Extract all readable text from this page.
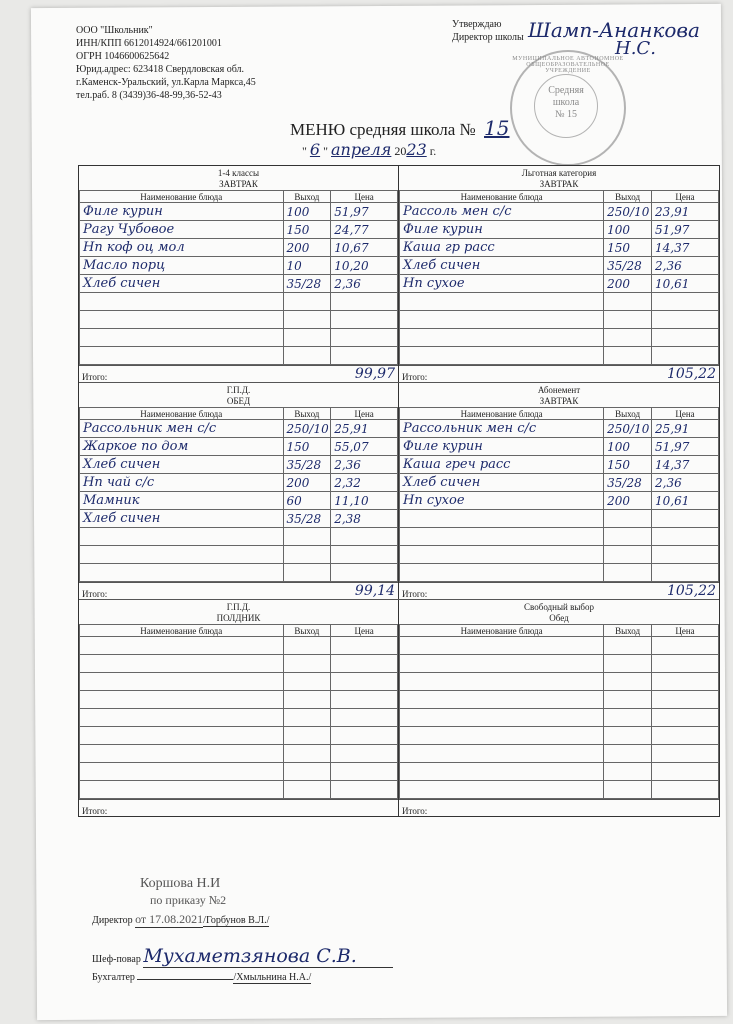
ООО "Школьник"
ИНН/КПП 6612014924/661201001
ОГРН 1046600625642
Юрид.адрес: 623418 Свердловская обл.
г.Каменск-Уральский, ул.Карла Маркса,45
тел.раб. 8 (3439)36-48-99,36-52-43
Утверждаю
Директор школы Шамп-Ананкова
Н.С.
МУНИЦИПАЛЬНОЕ АВТОНОМНОЕ ОБЩЕОБРАЗОВАТЕЛЬНОЕ УЧРЕЖДЕНИЕ
Средняя
школа
№ 15
МЕНЮ средняя школа № 15
" 6 " апреля 2023 г.
1-4 классы
ЗАВТРАК
Наименование блюда	Выход	Цена
Филе курин	100	51,97
Рагу Чубовое	150	24,77
Нп коф оц мол	200	10,67
Масло порц	10	10,20
Хлеб сичен	35/28	2,36

Итого:	99,97
Льготная категория
ЗАВТРАК
Наименование блюда	Выход	Цена
Рассоль мен с/с	250/10	23,91
Филе курин	100	51,97
Каша гр расс	150	14,37
Хлеб сичен	35/28	2,36
Нп сухое	200	10,61

Итого:	105,22
Г.П.Д.
ОБЕД
Наименование блюда	Выход	Цена
Рассольник мен с/с	250/10	25,91
Жаркое по дом	150	55,07
Хлеб сичен	35/28	2,36
Нп чай с/с	200	2,32
Мамник	60	11,10
Хлеб сичен	35/28	2,38

Итого:	99,14
Абонемент
ЗАВТРАК
Наименование блюда	Выход	Цена
Рассольник мен с/с	250/10	25,91
Филе курин	100	51,97
Каша греч расс	150	14,37
Хлеб сичен	35/28	2,36
Нп сухое	200	10,61

Итого:	105,22
Г.П.Д.
ПОЛДНИК
Наименование блюда	Выход	Цена

Итого:
Свободный выбор
Обед
Наименование блюда	Выход	Цена

Итого:
Коршова Н.И
по приказу №2
Директор от 17.08.2021/Горбунов В.Л./
Шеф-повар Мухаметзянова С.В.
Бухгалтер	/Хмыльнина Н.А./
